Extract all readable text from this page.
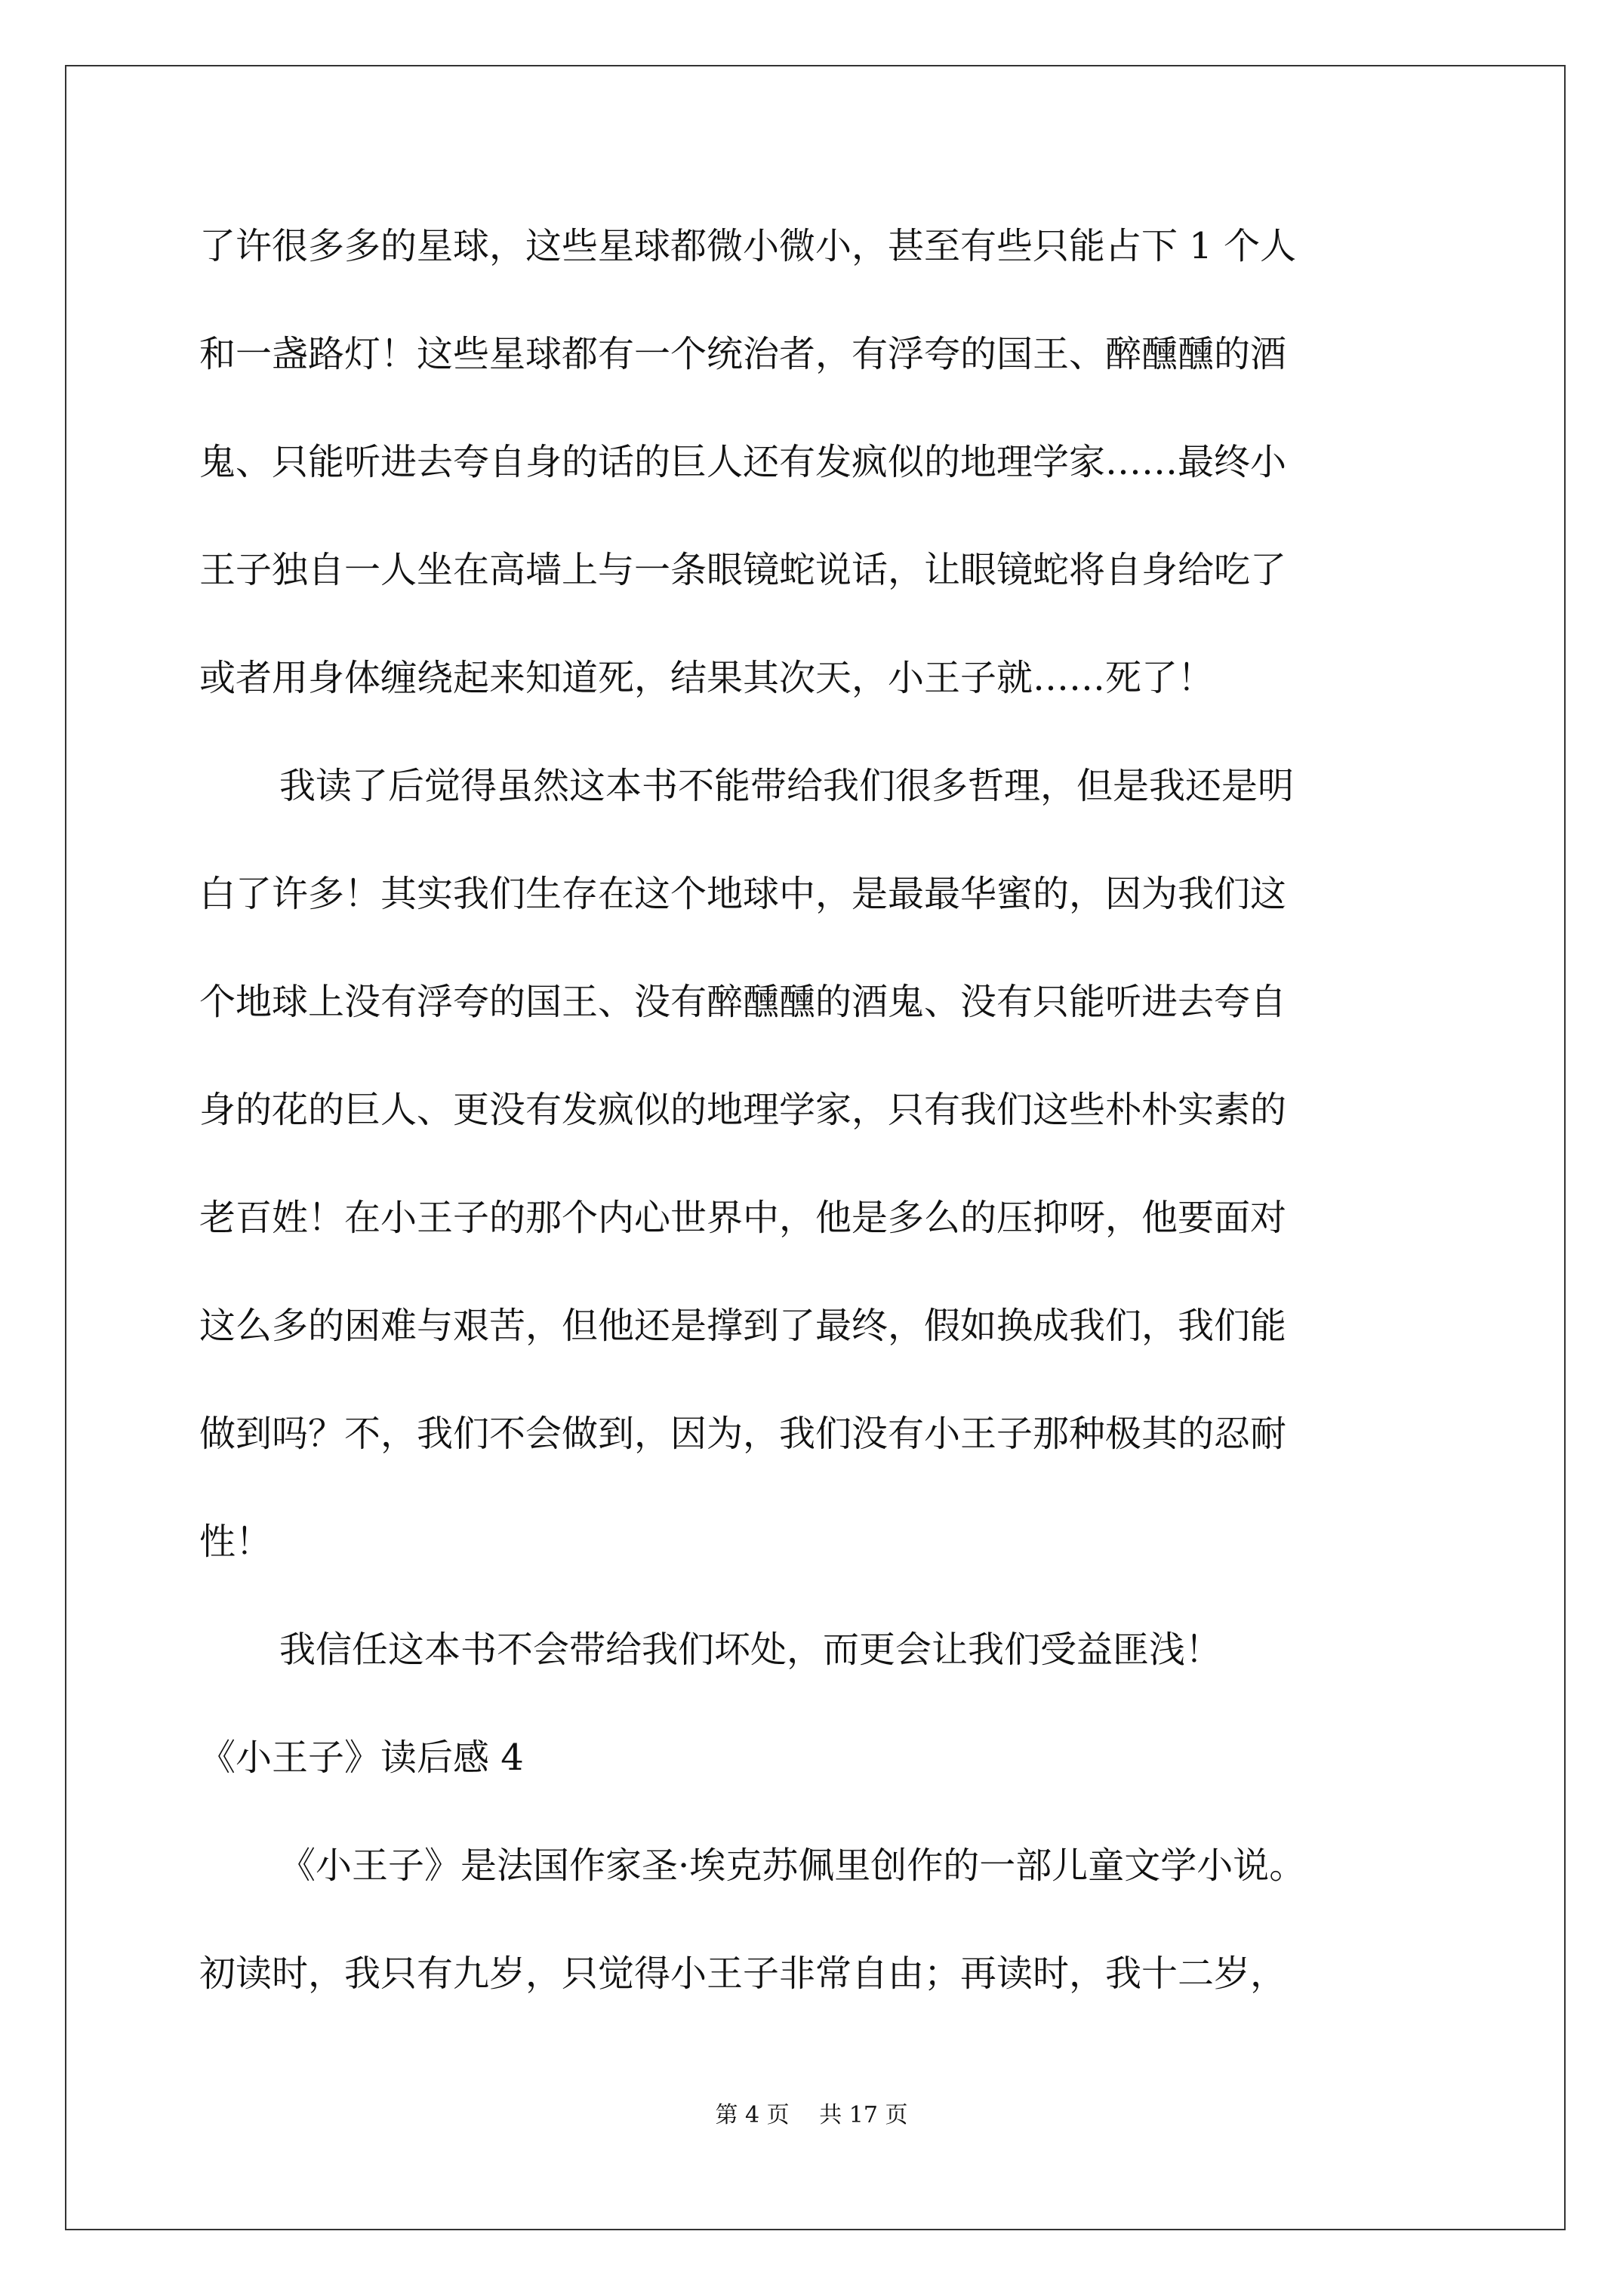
了许很多多的星球，这些星球都微小微小，甚至有些只能占下 1 个人
和一盏路灯！这些星球都有一个统治者，有浮夸的国王、醉醺醺的酒
鬼、只能听进去夸自身的话的巨人还有发疯似的地理学家……最终小
王子独自一人坐在高墙上与一条眼镜蛇说话，让眼镜蛇将自身给吃了
或者用身体缠绕起来知道死，结果其次天，小王子就……死了！
我读了后觉得虽然这本书不能带给我们很多哲理，但是我还是明
白了许多！其实我们生存在这个地球中，是最最华蜜的，因为我们这
个地球上没有浮夸的国王、没有醉醺醺的酒鬼、没有只能听进去夸自
身的花的巨人、更没有发疯似的地理学家，只有我们这些朴朴实素的
老百姓！在小王子的那个内心世界中，他是多么的压抑呀，他要面对
这么多的困难与艰苦，但他还是撑到了最终，假如换成我们，我们能
做到吗？不，我们不会做到，因为，我们没有小王子那种极其的忍耐
性！
我信任这本书不会带给我们坏处，而更会让我们受益匪浅！
《小王子》读后感 4
《小王子》是法国作家圣·埃克苏佩里创作的一部儿童文学小说。
初读时，我只有九岁，只觉得小王子非常自由；再读时，我十二岁，
第 4 页 共 17 页
